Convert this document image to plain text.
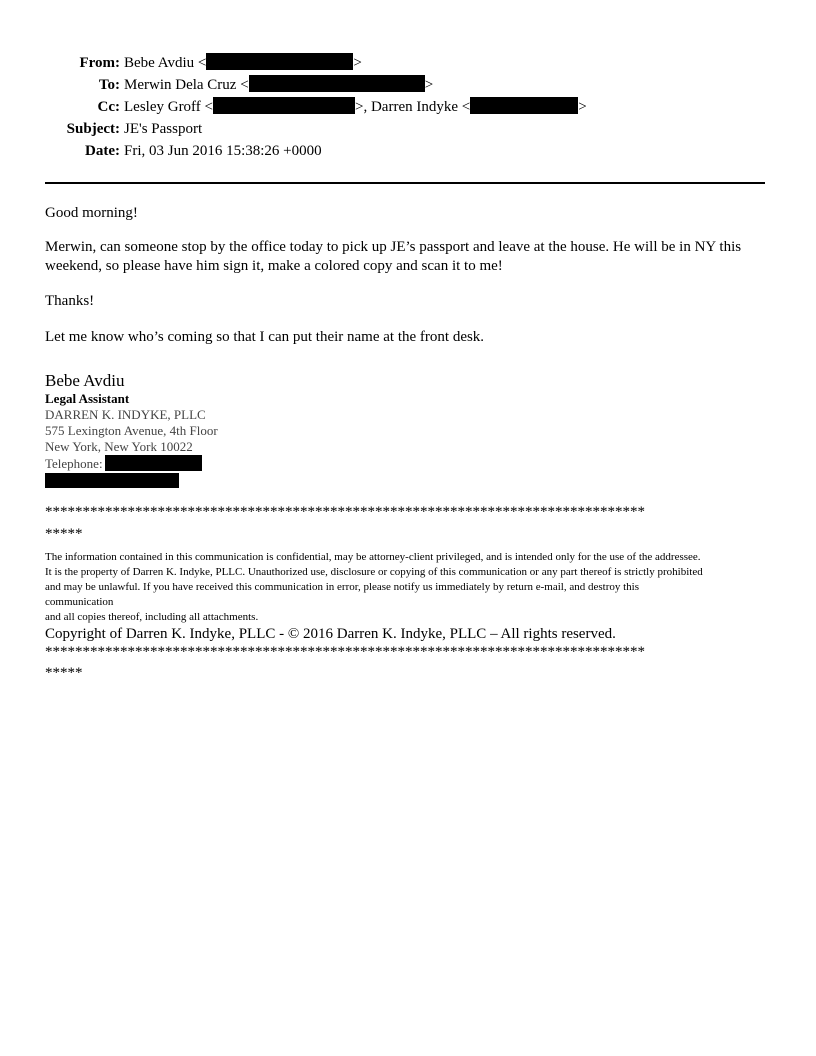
From: Bebe Avdiu <	>
To: Merwin Dela Cruz <	>
Cc: Lesley Groff <	>, Darren Indyke <	>
Subject: JE's Passport
Date: Fri, 03 Jun 2016 15:38:26 +0000

Good morning!

Merwin, can someone stop by the office today to pick up JE’s passport and leave at the house. He will be in NY this weekend, so please have him sign it, make a colored copy and scan it to me!

Thanks!

Let me know who’s coming so that I can put their name at the front desk.

Bebe Avdiu
Legal Assistant
DARREN K. INDYKE, PLLC
575 Lexington Avenue, 4th Floor
New York, New York 10022
Telephone:
********************************************************************************
*****
The information contained in this communication is confidential, may be attorney-client privileged, and is intended only for the use of the addressee.
It is the property of Darren K. Indyke, PLLC. Unauthorized use, disclosure or copying of this communication or any part thereof is strictly prohibited
and may be unlawful. If you have received this communication in error, please notify us immediately by return e-mail, and destroy this
communication
and all copies thereof, including all attachments.
Copyright of Darren K. Indyke, PLLC - © 2016 Darren K. Indyke, PLLC – All rights reserved.
********************************************************************************
*****
